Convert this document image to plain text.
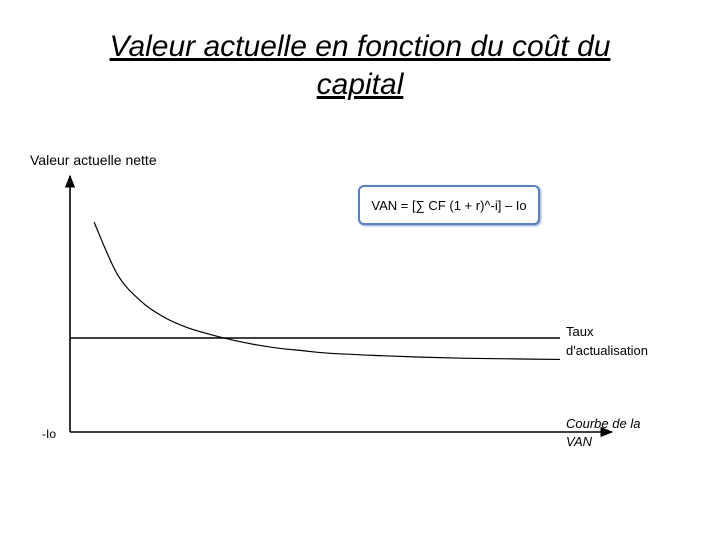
Valeur actuelle en fonction du coût du
capital
Valeur actuelle nette
VAN = [∑ CF (1 + r)^-i] – Io
Taux
d'actualisation
Courbe de la
VAN
-Io
